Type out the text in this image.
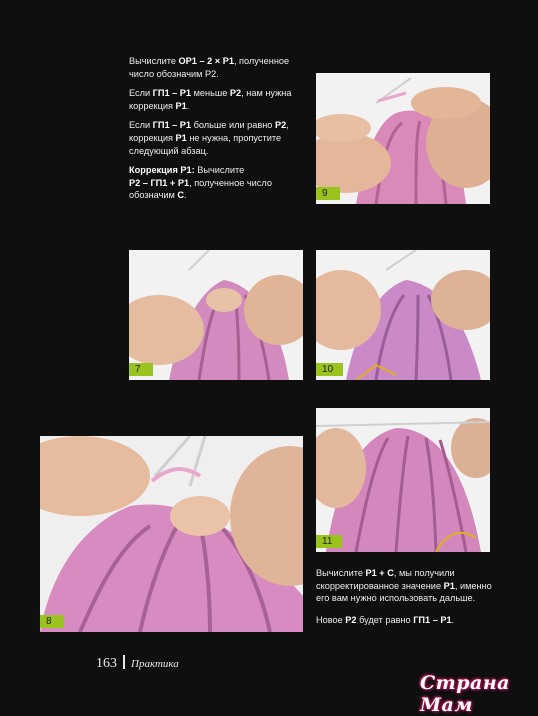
Вычислите ОР1 – 2 × Р1, полученное число обозначим Р2.

Если ГП1 – Р1 меньше Р2, нам нужна коррекция Р1.

Если ГП1 – Р1 больше или равно Р2, коррекция Р1 не нужна, пропустите следующий абзац.

Коррекция Р1: Вычислите
Р2 – ГП1 + Р1, полученное число обозначим С.	9
7	10
8
11

Вычислите Р1 + С, мы получили скорректированное значение Р1, именно его вам нужно использовать дальше.

Новое Р2 будет равно ГП1 – Р1.

163 Практика
Страна Мам
